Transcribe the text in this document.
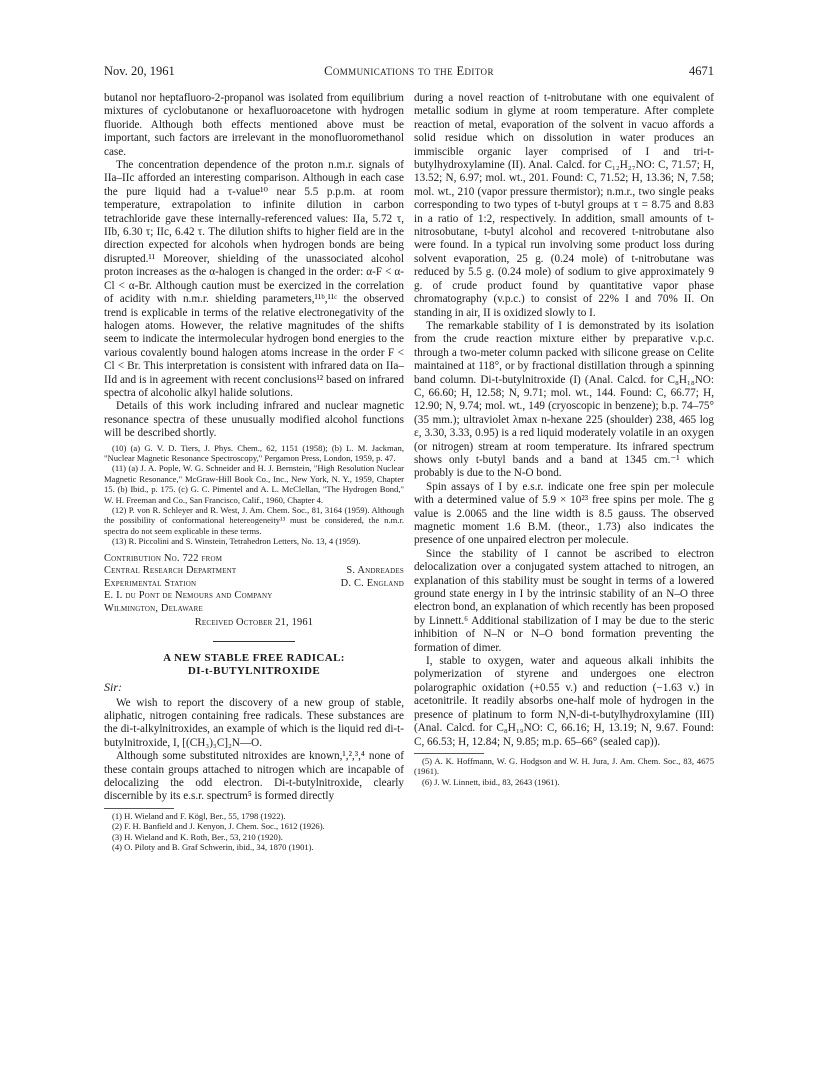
Nov. 20, 1961	Communications to the Editor	4671

butanol nor heptafluoro-2-propanol was isolated from equilibrium mixtures of cyclobutanone or hexafluoroacetone with hydrogen fluoride. Although both effects mentioned above must be important, such factors are irrelevant in the monofluoromethanol case.

The concentration dependence of the proton n.m.r. signals of IIa–IIc afforded an interesting comparison. Although in each case the pure liquid had a τ-value¹⁰ near 5.5 p.p.m. at room temperature, extrapolation to infinite dilution in carbon tetrachloride gave these internally-referenced values: IIa, 5.72 τ, IIb, 6.30 τ; IIc, 6.42 τ. The dilution shifts to higher field are in the direction expected for alcohols when hydrogen bonds are being disrupted.¹¹ Moreover, shielding of the unassociated alcohol proton increases as the α-halogen is changed in the order: α-F < α-Cl < α-Br. Although caution must be exercized in the correlation of acidity with n.m.r. shielding parameters,¹¹ᵇ,¹¹ᶜ the observed trend is explicable in terms of the relative electronegativity of the halogen atoms. However, the relative magnitudes of the shifts seem to indicate the intermolecular hydrogen bond energies to the various covalently bound halogen atoms increase in the order F < Cl < Br. This interpretation is consistent with infrared data on IIa–IId and is in agreement with recent conclusions¹² based on infrared spectra of alcoholic alkyl halide solutions.

Details of this work including infrared and nuclear magnetic resonance spectra of these unusually modified alcohol functions will be described shortly.

(10) (a) G. V. D. Tiers, J. Phys. Chem., 62, 1151 (1958); (b) L. M. Jackman, "Nuclear Magnetic Resonance Spectroscopy," Pergamon Press, London, 1959, p. 47.

(11) (a) J. A. Pople, W. G. Schneider and H. J. Bernstein, "High Resolution Nuclear Magnetic Resonance," McGraw-Hill Book Co., Inc., New York, N. Y., 1959, Chapter 15. (b) Ibid., p. 175. (c) G. C. Pimentel and A. L. McClellan, "The Hydrogen Bond," W. H. Freeman and Co., San Francisco, Calif., 1960, Chapter 4.

(12) P. von R. Schleyer and R. West, J. Am. Chem. Soc., 81, 3164 (1959). Although the possibility of conformational hetereogeneity¹³ must be considered, the n.m.r. spectra do not seem explicable in these terms.

(13) R. Piccolini and S. Winstein, Tetrahedron Letters, No. 13, 4 (1959).

Contribution No. 722 from
Central Research Department	S. Andreades
Experimental Station	D. C. England
E. I. du Pont de Nemours and Company
Wilmington, Delaware
Received October 21, 1961
A NEW STABLE FREE RADICAL:
DI-t-BUTYLNITROXIDE
Sir:

We wish to report the discovery of a new group of stable, aliphatic, nitrogen containing free radicals. These substances are the di-t-alkylnitroxides, an example of which is the liquid red di-t-butylnitroxide, I, [(CH₃)₃C]₂N—O.

Although some substituted nitroxides are known,¹,²,³,⁴ none of these contain groups attached to nitrogen which are incapable of delocalizing the odd electron. Di-t-butylnitroxide, clearly discernible by its e.s.r. spectrum⁵ is formed directly

(1) H. Wieland and F. Kögl, Ber., 55, 1798 (1922).

(2) F. H. Banfield and J. Kenyon, J. Chem. Soc., 1612 (1926).

(3) H. Wieland and K. Roth, Ber., 53, 210 (1920).

(4) O. Piloty and B. Graf Schwerin, ibid., 34, 1870 (1901).

during a novel reaction of t-nitrobutane with one equivalent of metallic sodium in glyme at room temperature. After complete reaction of metal, evaporation of the solvent in vacuo affords a solid residue which on dissolution in water produces an immiscible organic layer comprised of I and tri-t-butylhydroxylamine (II). Anal. Calcd. for C₁₂H₂₇NO: C, 71.57; H, 13.52; N, 6.97; mol. wt., 201. Found: C, 71.52; H, 13.36; N, 7.58; mol. wt., 210 (vapor pressure thermistor); n.m.r., two single peaks corresponding to two types of t-butyl groups at τ = 8.75 and 8.83 in a ratio of 1:2, respectively. In addition, small amounts of t-nitrosobutane, t-butyl alcohol and recovered t-nitrobutane also were found. In a typical run involving some product loss during solvent evaporation, 25 g. (0.24 mole) of t-nitrobutane was reduced by 5.5 g. (0.24 mole) of sodium to give approximately 9 g. of crude product found by quantitative vapor phase chromatography (v.p.c.) to consist of 22% I and 70% II. On standing in air, II is oxidized slowly to I.

The remarkable stability of I is demonstrated by its isolation from the crude reaction mixture either by preparative v.p.c. through a two-meter column packed with silicone grease on Celite maintained at 118°, or by fractional distillation through a spinning band column. Di-t-butylnitroxide (I) (Anal. Calcd. for C₈H₁₈NO: C, 66.60; H, 12.58; N, 9.71; mol. wt., 144. Found: C, 66.77; H, 12.90; N, 9.74; mol. wt., 149 (cryoscopic in benzene); b.p. 74–75° (35 mm.); ultraviolet λmax n-hexane 225 (shoulder) 238, 465 log ε, 3.30, 3.33, 0.95) is a red liquid moderately volatile in an oxygen (or nitrogen) stream at room temperature. Its infrared spectrum shows only t-butyl bands and a band at 1345 cm.⁻¹ which probably is due to the N-O bond.

Spin assays of I by e.s.r. indicate one free spin per molecule with a determined value of 5.9 × 10²³ free spins per mole. The g value is 2.0065 and the line width is 8.5 gauss. The observed magnetic moment 1.6 B.M. (theor., 1.73) also indicates the presence of one unpaired electron per molecule.

Since the stability of I cannot be ascribed to electron delocalization over a conjugated system attached to nitrogen, an explanation of this stability must be sought in terms of a lowered ground state energy in I by the intrinsic stability of an N–O three electron bond, an explanation of which recently has been proposed by Linnett.⁶ Additional stabilization of I may be due to the steric inhibition of N–N or N–O bond formation preventing the formation of dimer.

I, stable to oxygen, water and aqueous alkali inhibits the polymerization of styrene and undergoes one electron polarographic oxidation (+0.55 v.) and reduction (−1.63 v.) in acetonitrile. It readily absorbs one-half mole of hydrogen in the presence of platinum to form N,N-di-t-butylhydroxylamine (III) (Anal. Calcd. for C₈H₁₉NO: C, 66.16; H, 13.19; N, 9.67. Found: C, 66.53; H, 12.84; N, 9.85; m.p. 65–66° (sealed cap)).

(5) A. K. Hoffmann, W. G. Hodgson and W. H. Jura, J. Am. Chem. Soc., 83, 4675 (1961).

(6) J. W. Linnett, ibid., 83, 2643 (1961).
